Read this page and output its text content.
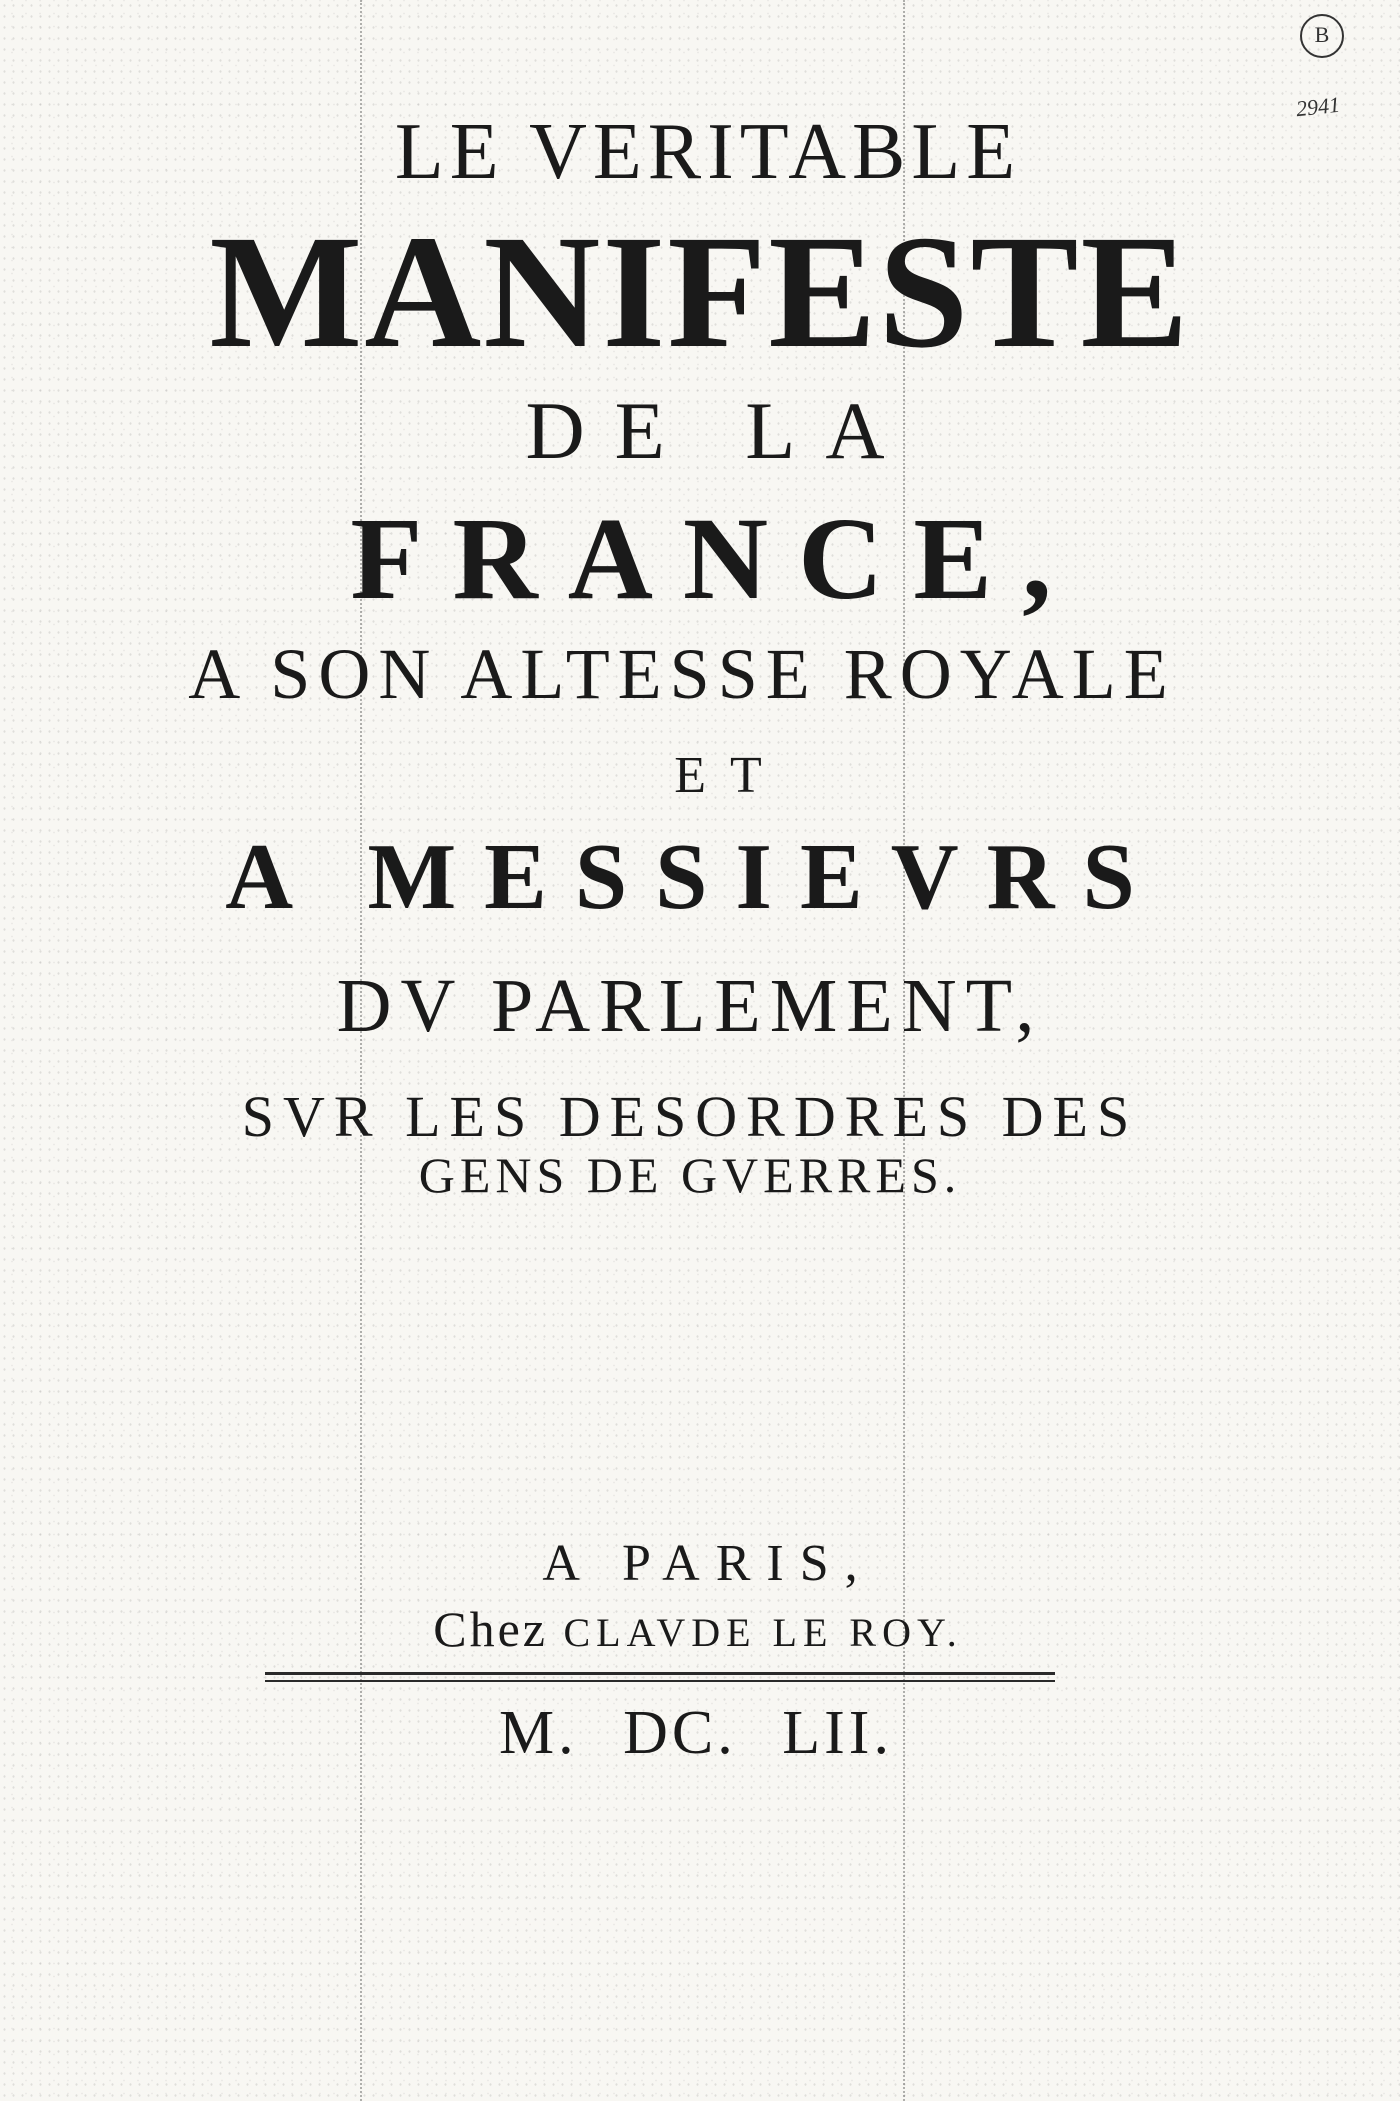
B
2941
LE VERITABLE
MANIFESTE
DE LA
FRANCE,
A SON ALTESSE ROYALE
ET
A MESSIEVRS
DV PARLEMENT,
SVR LES DESORDRES DES
GENS DE GVERRES.
A PARIS,
Chez CLAVDE LE ROY.
M. DC. LII.
